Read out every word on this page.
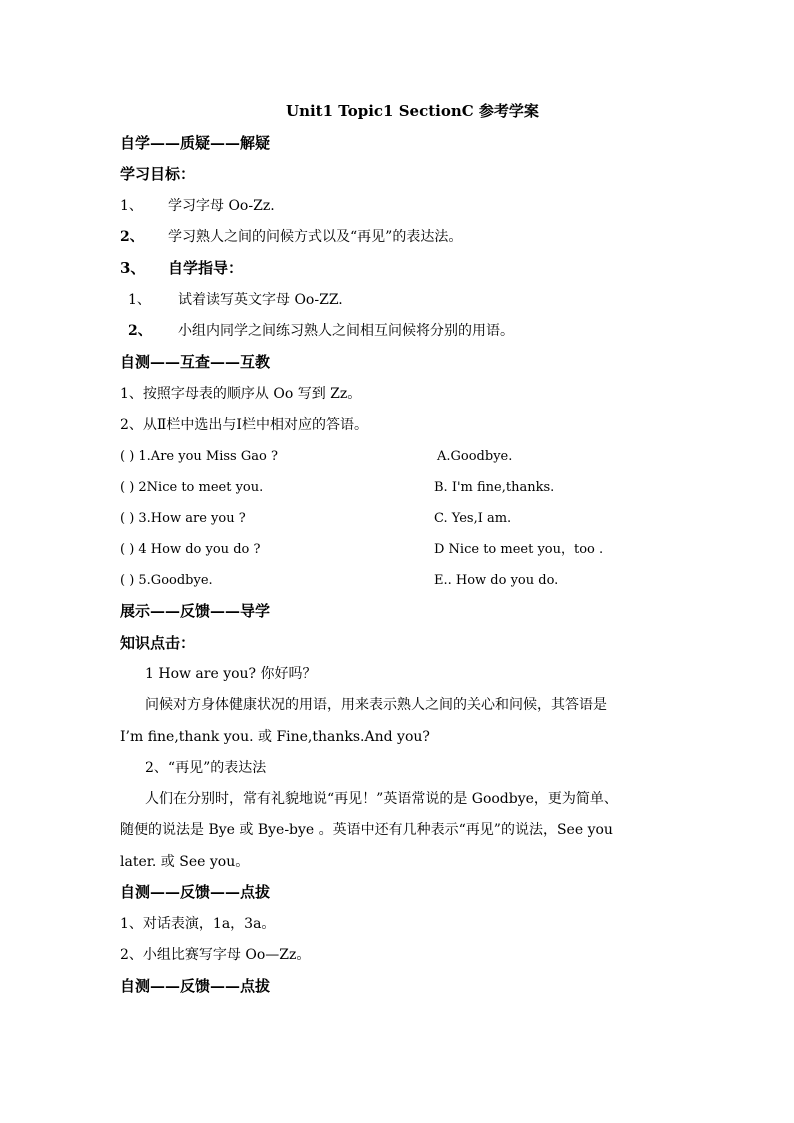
Unit1 Topic1 SectionC 参考学案
自学——质疑——解疑
学习目标：
1、 学习字母 Oo-Zz.
2、 学习熟人之间的问候方式以及“再见”的表达法。
3、 自学指导：
1、 试着读写英文字母 Oo-ZZ.
2、 小组内同学之间练习熟人之间相互问候将分别的用语。
自测——互查——互教
1、按照字母表的顺序从 Oo 写到 Zz。
2、从Ⅱ栏中选出与Ⅰ栏中相对应的答语。
( ) 1.Are you Miss Gao ?	A.Goodbye.
( ) 2Nice to meet you.	B. I'm fine,thanks.
( ) 3.How are you ?	C. Yes,I am.
( ) 4 How do you do ?	D Nice to meet you，too .
( ) 5.Goodbye.	E.. How do you do.
展示——反馈——导学
知识点击：
1 How are you? 你好吗？
问候对方身体健康状况的用语，用来表示熟人之间的关心和问候，其答语是
I’m fine,thank you. 或 Fine,thanks.And you?
2、“再见”的表达法
人们在分别时，常有礼貌地说“再见！”英语常说的是 Goodbye，更为简单、
随便的说法是 Bye 或 Bye-bye 。英语中还有几种表示“再见”的说法，See you
later. 或 See you。
自测——反馈——点拔
1、对话表演，1a，3a。
2、小组比赛写字母 Oo—Zz。
自测——反馈——点拔
